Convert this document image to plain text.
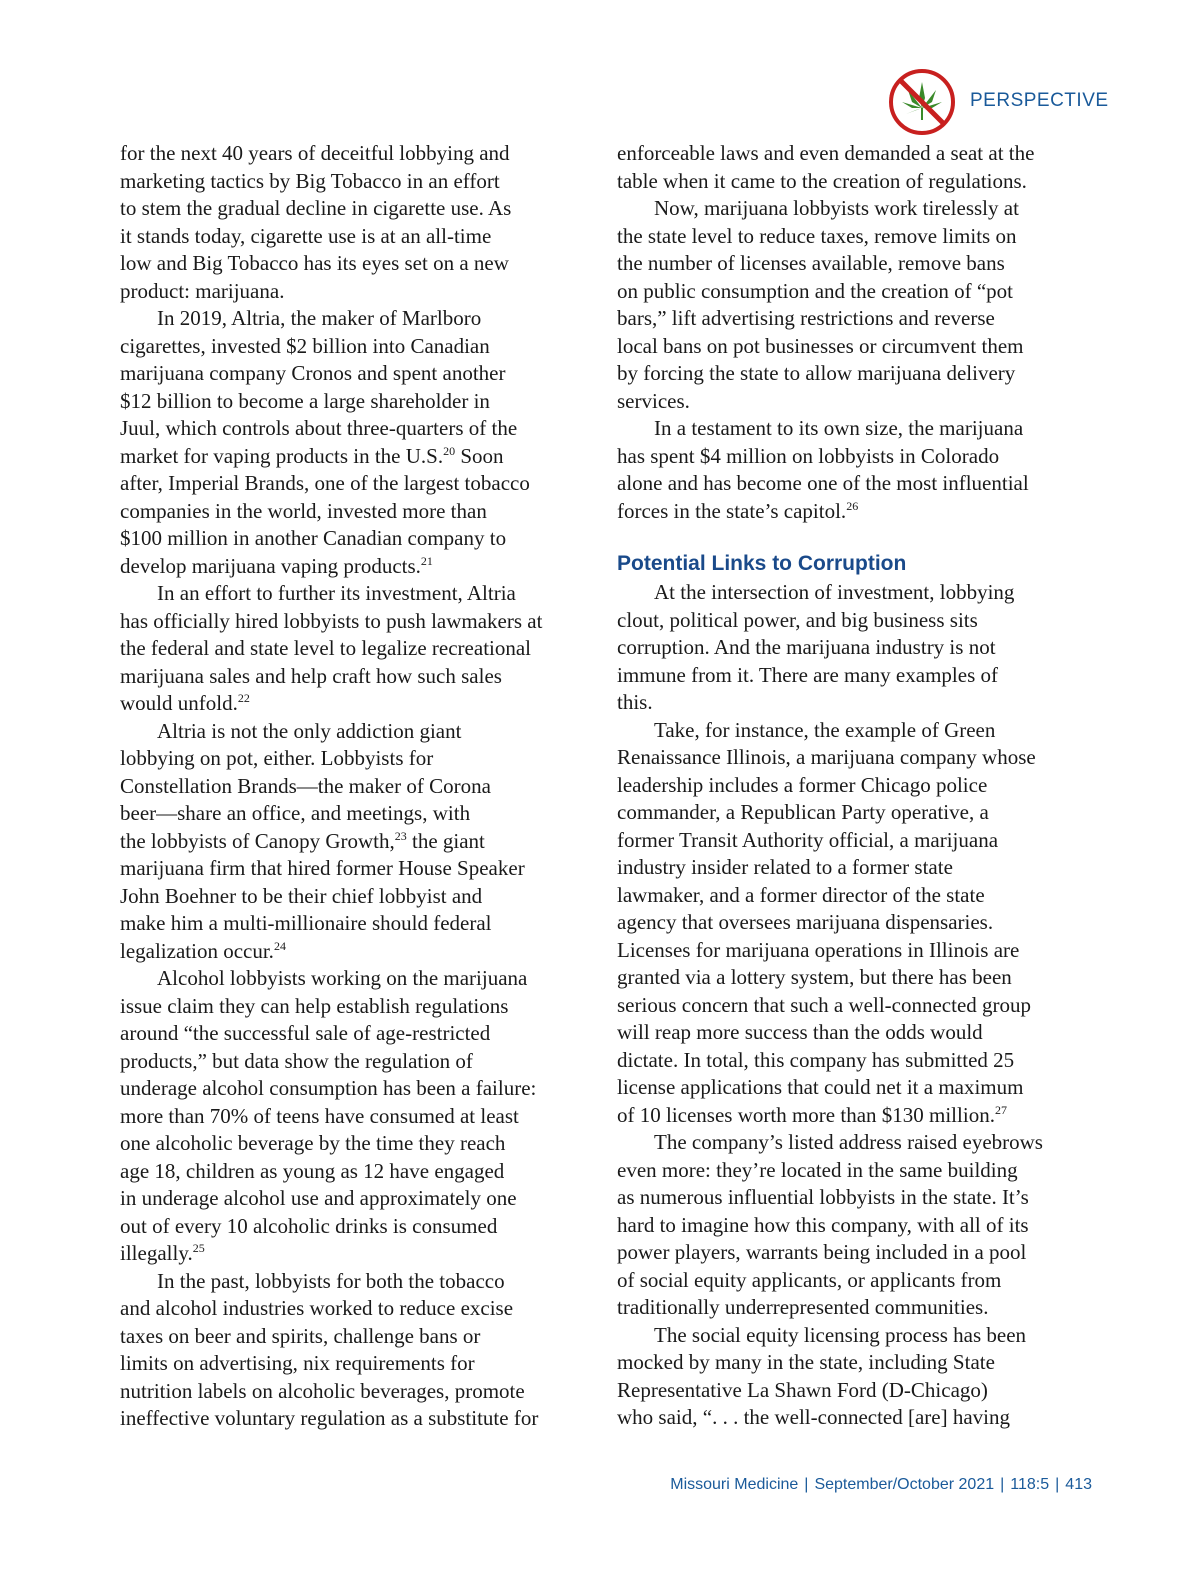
PERSPECTIVE

for the next 40 years of deceitful lobbying and
marketing tactics by Big Tobacco in an effort
to stem the gradual decline in cigarette use. As
it stands today, cigarette use is at an all-time
low and Big Tobacco has its eyes set on a new
product: marijuana.

In 2019, Altria, the maker of Marlboro
cigarettes, invested $2 billion into Canadian
marijuana company Cronos and spent another
$12 billion to become a large shareholder in
Juul, which controls about three-quarters of the
market for vaping products in the U.S.$^{20}$ Soon
after, Imperial Brands, one of the largest tobacco
companies in the world, invested more than
$100 million in another Canadian company to
develop marijuana vaping products.$^{21}$

In an effort to further its investment, Altria
has officially hired lobbyists to push lawmakers at
the federal and state level to legalize recreational
marijuana sales and help craft how such sales
would unfold.$^{22}$

Altria is not the only addiction giant
lobbying on pot, either. Lobbyists for
Constellation Brands—the maker of Corona
beer—share an office, and meetings, with
the lobbyists of Canopy Growth,$^{23}$ the giant
marijuana firm that hired former House Speaker
John Boehner to be their chief lobbyist and
make him a multi-millionaire should federal
legalization occur.$^{24}$

Alcohol lobbyists working on the marijuana
issue claim they can help establish regulations
around “the successful sale of age-restricted
products,” but data show the regulation of
underage alcohol consumption has been a failure:
more than 70% of teens have consumed at least
one alcoholic beverage by the time they reach
age 18, children as young as 12 have engaged
in underage alcohol use and approximately one
out of every 10 alcoholic drinks is consumed
illegally.$^{25}$

In the past, lobbyists for both the tobacco
and alcohol industries worked to reduce excise
taxes on beer and spirits, challenge bans or
limits on advertising, nix requirements for
nutrition labels on alcoholic beverages, promote
ineffective voluntary regulation as a substitute for

enforceable laws and even demanded a seat at the
table when it came to the creation of regulations.

Now, marijuana lobbyists work tirelessly at
the state level to reduce taxes, remove limits on
the number of licenses available, remove bans
on public consumption and the creation of “pot
bars,” lift advertising restrictions and reverse
local bans on pot businesses or circumvent them
by forcing the state to allow marijuana delivery
services.

In a testament to its own size, the marijuana
has spent $4 million on lobbyists in Colorado
alone and has become one of the most influential
forces in the state’s capitol.$^{26}$

Potential Links to Corruption

At the intersection of investment, lobbying
clout, political power, and big business sits
corruption. And the marijuana industry is not
immune from it. There are many examples of
this.

Take, for instance, the example of Green
Renaissance Illinois, a marijuana company whose
leadership includes a former Chicago police
commander, a Republican Party operative, a
former Transit Authority official, a marijuana
industry insider related to a former state
lawmaker, and a former director of the state
agency that oversees marijuana dispensaries.
Licenses for marijuana operations in Illinois are
granted via a lottery system, but there has been
serious concern that such a well-connected group
will reap more success than the odds would
dictate. In total, this company has submitted 25
license applications that could net it a maximum
of 10 licenses worth more than $130 million.$^{27}$

The company’s listed address raised eyebrows
even more: they’re located in the same building
as numerous influential lobbyists in the state. It’s
hard to imagine how this company, with all of its
power players, warrants being included in a pool
of social equity applicants, or applicants from
traditionally underrepresented communities.

The social equity licensing process has been
mocked by many in the state, including State
Representative La Shawn Ford (D-Chicago)
who said, “. . . the well-connected [are] having

Missouri Medicine | September/October 2021 | 118:5 | 413
